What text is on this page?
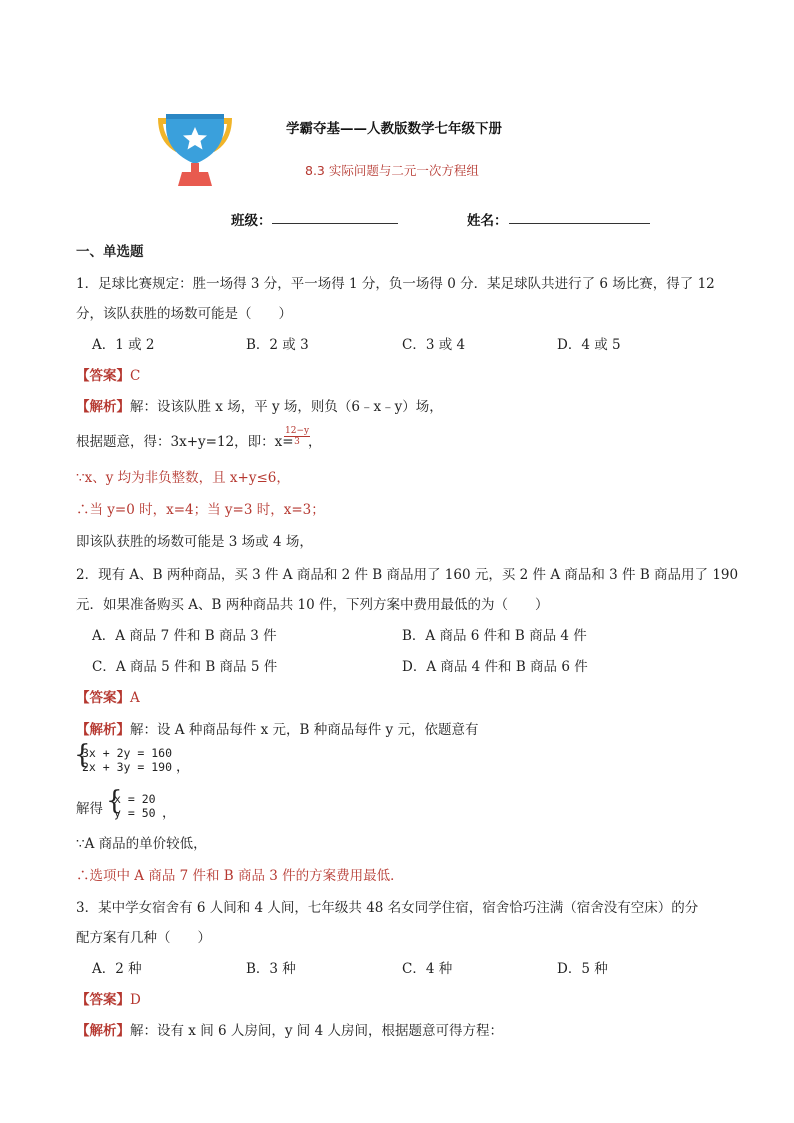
学霸夺基——人教版数学七年级下册
8.3 实际问题与二元一次方程组
班级：	姓名：
一、单选题
1．足球比赛规定：胜一场得 3 分，平一场得 1 分，负一场得 0 分．某足球队共进行了 6 场比赛，得了 12
分，该队获胜的场数可能是（　　）
A．1 或 2	B．2 或 3	C．3 或 4	D．4 或 5
【答案】C
【解析】解：设该队胜 x 场，平 y 场，则负（6﹣x﹣y）场，
根据题意，得：3x+y=12，即：x=
$\frac{12-y}{3}$
，
∵x、y 均为非负整数，且 x+y≤6，
∴当 y=0 时，x=4；当 y=3 时，x=3；
即该队获胜的场数可能是 3 场或 4 场，
2．现有 A、B 两种商品，买 3 件 A 商品和 2 件 B 商品用了 160 元，买 2 件 A 商品和 3 件 B 商品用了 190
元．如果准备购买 A、B 两种商品共 10 件，下列方案中费用最低的为（　　）
A．A 商品 7 件和 B 商品 3 件	B．A 商品 6 件和 B 商品 4 件
C．A 商品 5 件和 B 商品 5 件	D．A 商品 4 件和 B 商品 6 件
【答案】A
【解析】解：设 A 种商品每件 x 元，B 种商品每件 y 元，依题意有
{
3x + 2y = 160
2x + 3y = 190 ，
解得 {
x = 20
y = 50 ，
∵A 商品的单价较低，
∴选项中 A 商品 7 件和 B 商品 3 件的方案费用最低．
3．某中学女宿舍有 6 人间和 4 人间，七年级共 48 名女同学住宿，宿舍恰巧注满（宿舍没有空床）的分
配方案有几种（　　）
A．2 种	B．3 种	C．4 种	D．5 种
【答案】D
【解析】解：设有 x 间 6 人房间，y 间 4 人房间，根据题意可得方程：
